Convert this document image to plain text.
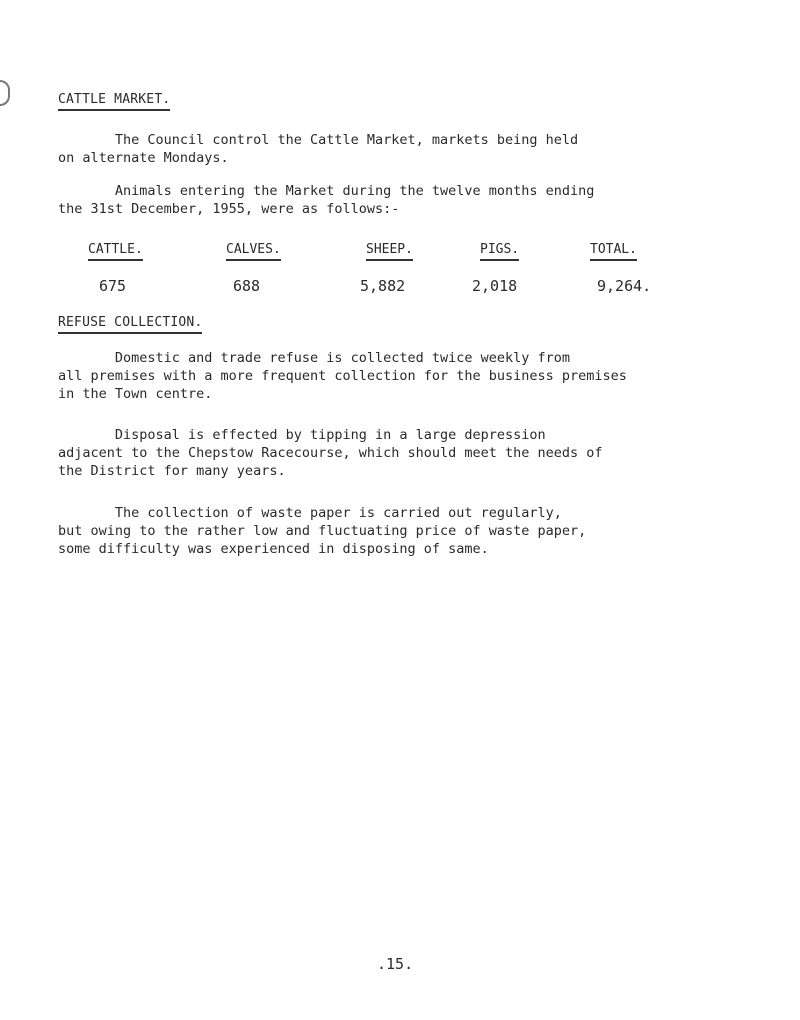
CATTLE MARKET.

The Council control the Cattle Market, markets being held
on alternate Mondays.

Animals entering the Market during the twelve months ending
the 31st December, 1955, were as follows:-

CATTLE.	CALVES.	SHEEP.	PIGS.	TOTAL.
675	688	5,882	2,018	9,264.
REFUSE COLLECTION.

Domestic and trade refuse is collected twice weekly from
all premises with a more frequent collection for the business premises
in the Town centre.

Disposal is effected by tipping in a large depression
adjacent to the Chepstow Racecourse, which should meet the needs of
the District for many years.

The collection of waste paper is carried out regularly,
but owing to the rather low and fluctuating price of waste paper,
some difficulty was experienced in disposing of same.

.15.
